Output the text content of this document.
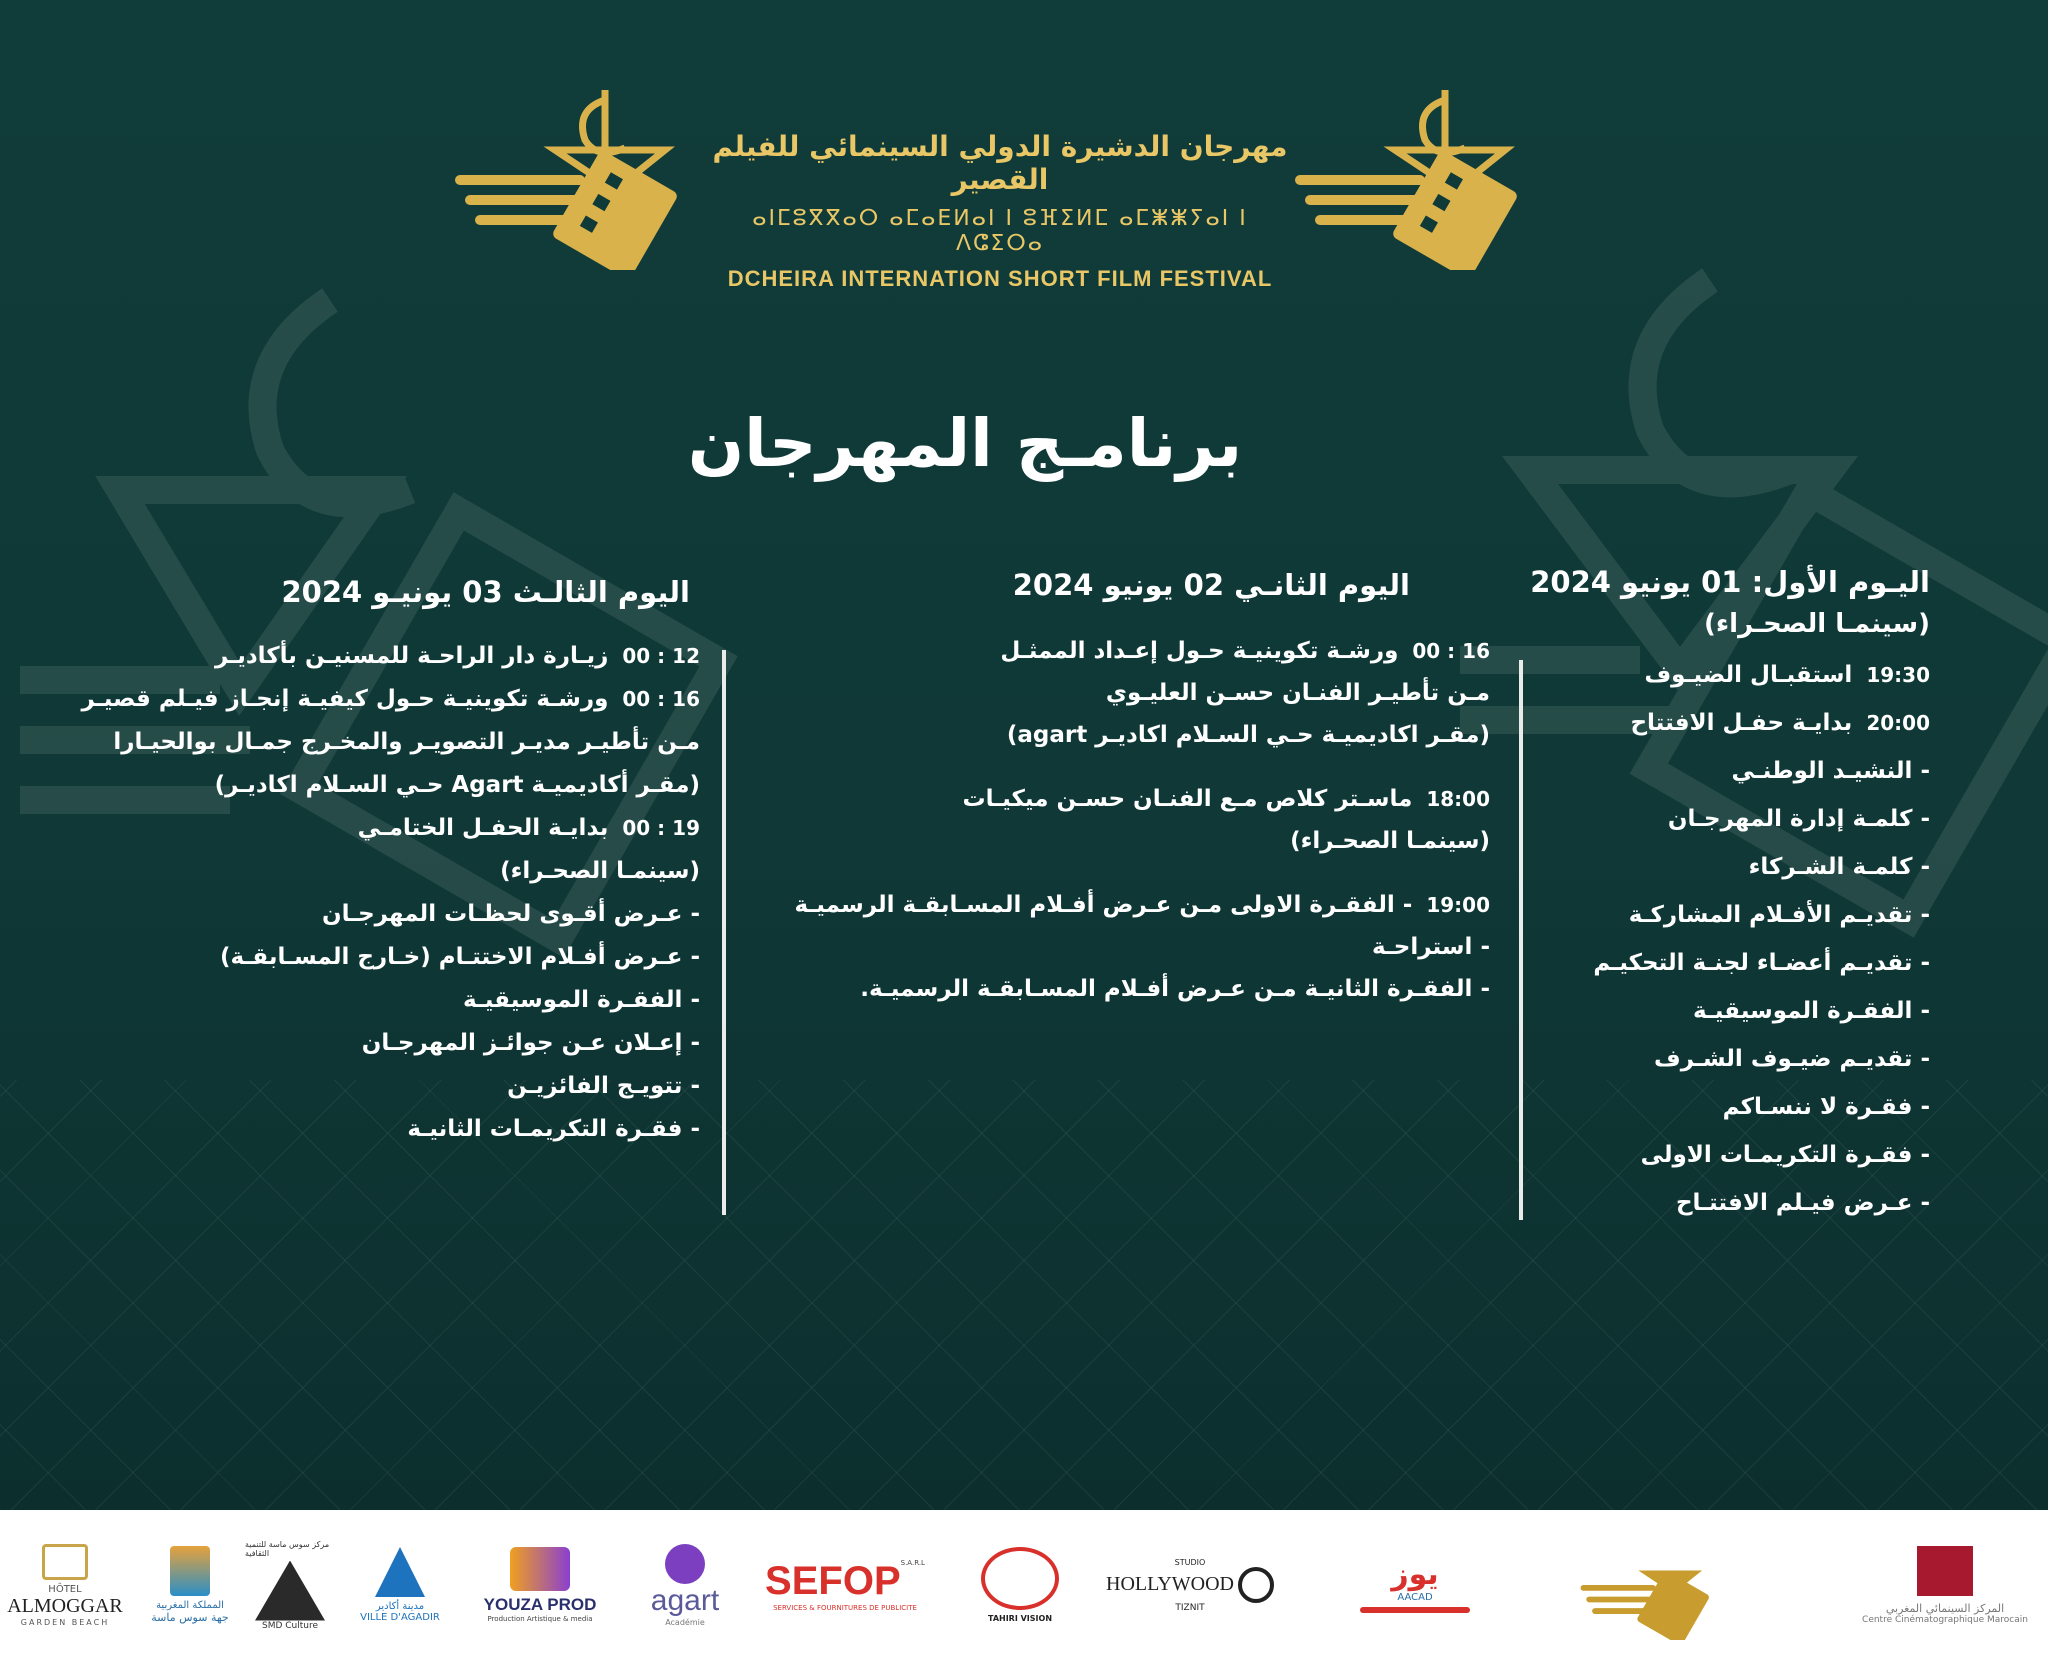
مهرجان الدشيرة الدولي السينمائي للفيلم القصير
ⴰⵏⵎⵓⴳⴳⴰⵔ ⴰⵎⴰⴹⵍⴰⵏ ⵏ ⵓⴼⵉⵍⵎ ⴰⵎⵥⵥⵢⴰⵏ ⵏ ⴷⵛⵉⵔⴰ
DCHEIRA INTERNATION SHORT FILM FESTIVAL
برنامـج المهرجان
اليـوم الأول: 01 يونيو 2024
(سينمـا الصحـراء)
19:30استقبـال الضيـوف
20:00بدايـة حفـل الافتتاح
- النشيـد الوطنـي
- كلمـة إدارة المهرجـان
- كلمـة الشـركاء
- تقديـم الأفـلام المشاركـة
- تقديـم أعضـاء لجنـة التحكيـم
- الفقـرة الموسيقيـة
- تقديـم ضيـوف الشـرف
- فقـرة لا ننسـاكم
- فقـرة التكريمـات الاولى
- عـرض فيـلم الافتتـاح
اليوم الثانـي 02 يونيو 2024
16 : 00ورشـة تكوينيـة حـول إعـداد الممثـل
مـن تأطيـر الفنـان حسـن العليـوي
(مقـر اكاديميـة حـي السـلام اكاديـر agart)
18:00ماسـتر كلاص مـع الفنـان حسـن ميكيـات
(سينمـا الصحـراء)
19:00- الفقـرة الاولى مـن عـرض أفـلام المسـابقـة الرسميـة
- استراحـة
- الفقـرة الثانيـة مـن عـرض أفـلام المسـابقـة الرسميـة.
اليوم الثالـث 03 يونيـو 2024
12 : 00زيـارة دار الراحـة للمسنيـن بأكاديـر
16 : 00ورشـة تكوينيـة حـول كيفيـة إنجـاز فيـلم قصيـر
مـن تأطيـر مديـر التصويـر والمخـرج جمـال بوالحيـارا
(مقـر أكاديميـة Agart حـي السـلام اكاديـر)
19 : 00بدايـة الحفـل الختامـي
(سينمـا الصحـراء)
- عـرض أقـوى لحظـات المهرجـان
- عـرض أفـلام الاختتـام (خـارج المسـابقـة)
- الفقـرة الموسيقيـة
- إعـلان عـن جوائـز المهرجـان
- تتويـج الفائزيـن
- فقـرة التكريمـات الثانيـة
HÔTEL
ALMOGGAR
GARDEN BEACH
المملكة المغربية
جهة سوس ماسة
مركز سوس ماسة للتنمية الثقافية
SMD Culture
مدينة أكادير
VILLE D'AGADIR
YOUZA PROD
Production Artistique & media
agart
Académie
SEFOP S.A.R.L
SERVICES & FOURNITURES DE PUBLICITE
TAHIRI VISION
STUDIO
HOLLYWOOD
TIZNIT
يوز
AACAD
المركز السينمائي المغربي
Centre Cinématographique Marocain
